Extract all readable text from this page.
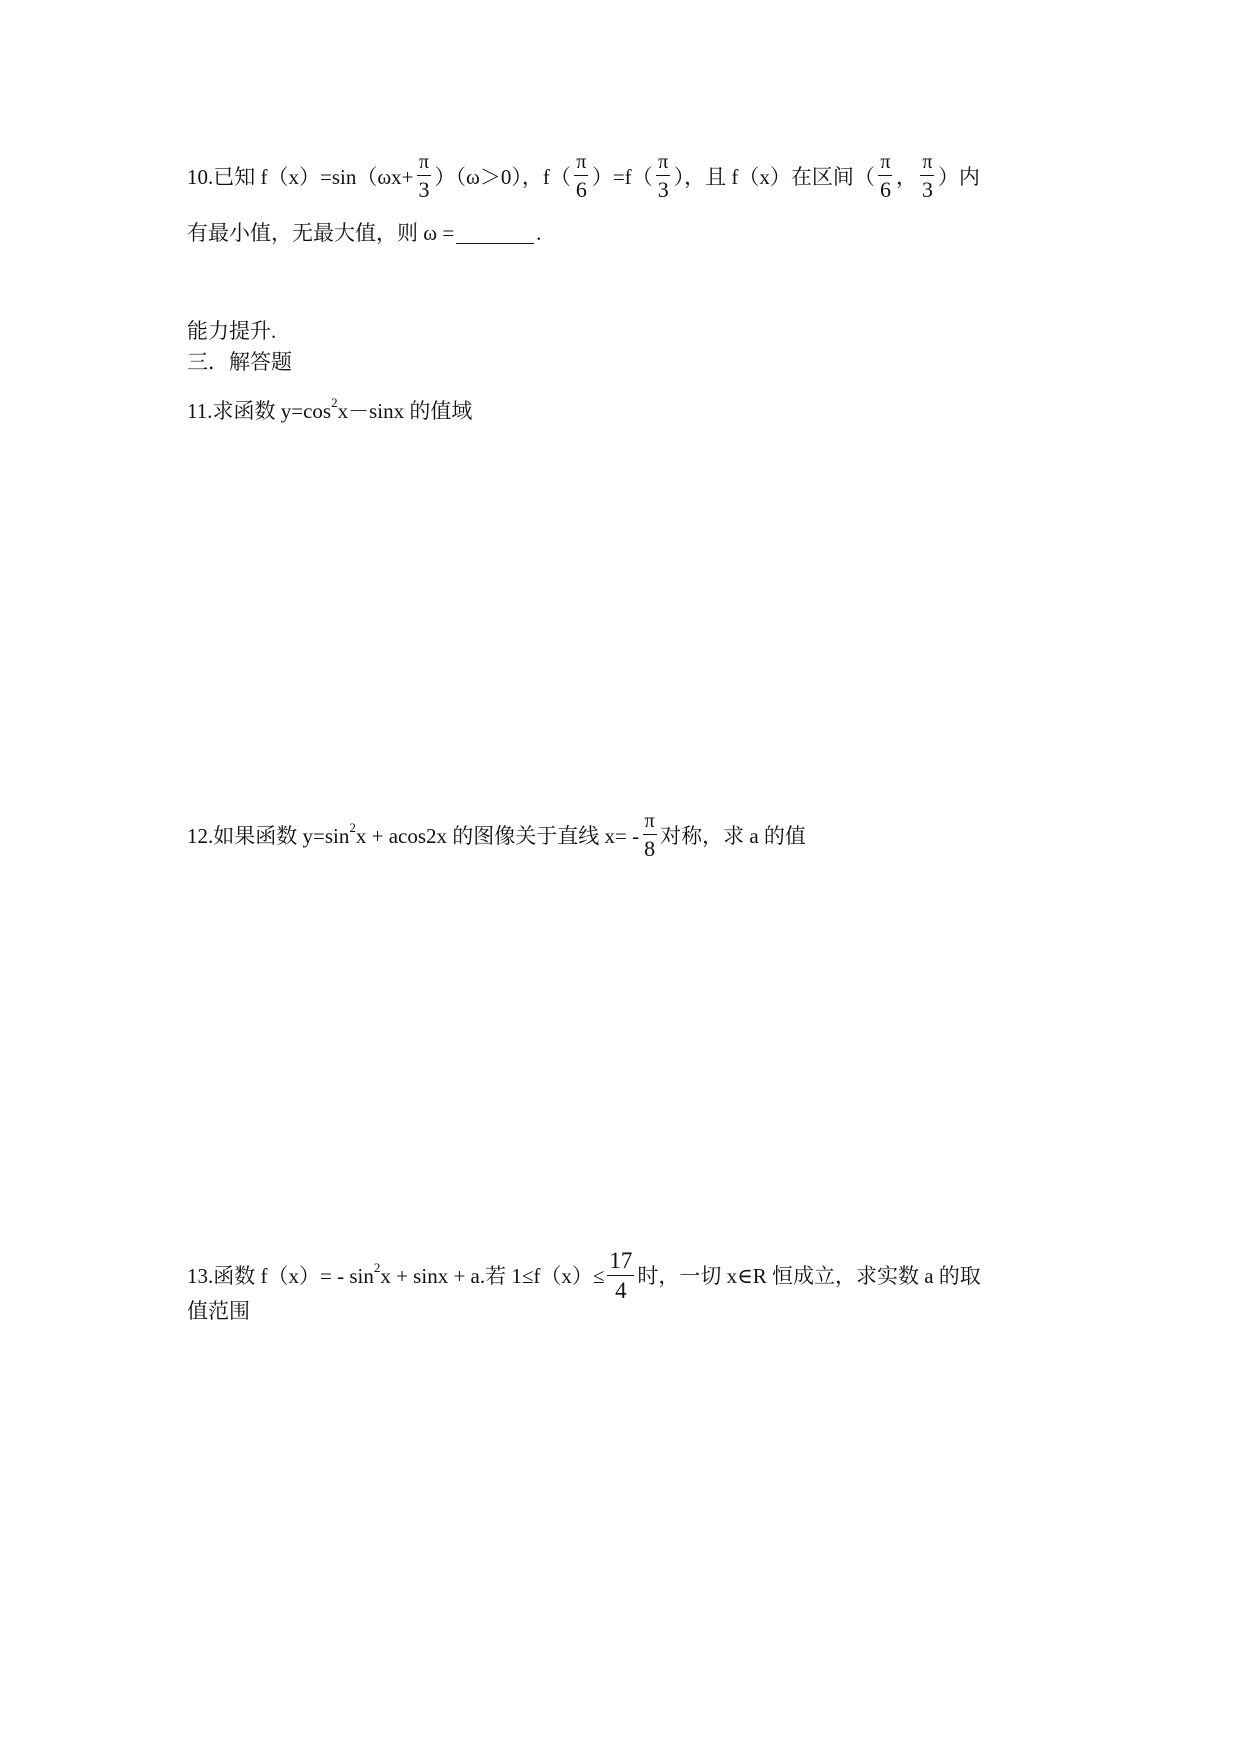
10.已知 $f(x)=\sin(\omega x+ \frac{\pi}{3} )(\omega>0)$，$f( \frac{\pi}{6} )=f( \frac{\pi}{3}$ ），且 f（x）在区间（ $\frac{\pi}{6}$ ， $\frac{\pi}{3}$ ）内
有最小值，无最大值，则 ω =	.
能力提升.
三．解答题
11.求函数 $y=\cos^2$ x－sinx 的值域
12.如果函数 $y=\sin^2$ x + acos2x 的图像关于直线 $x= - \frac{\pi}{8}$ 对称，求 a 的值
13.函数 $f(x)= - \sin^2 x + \sin x + a$.若 $1\le f(x)\le \frac{17}{4}$ 时，一切 x∈R 恒成立，求实数 a 的取
值范围
